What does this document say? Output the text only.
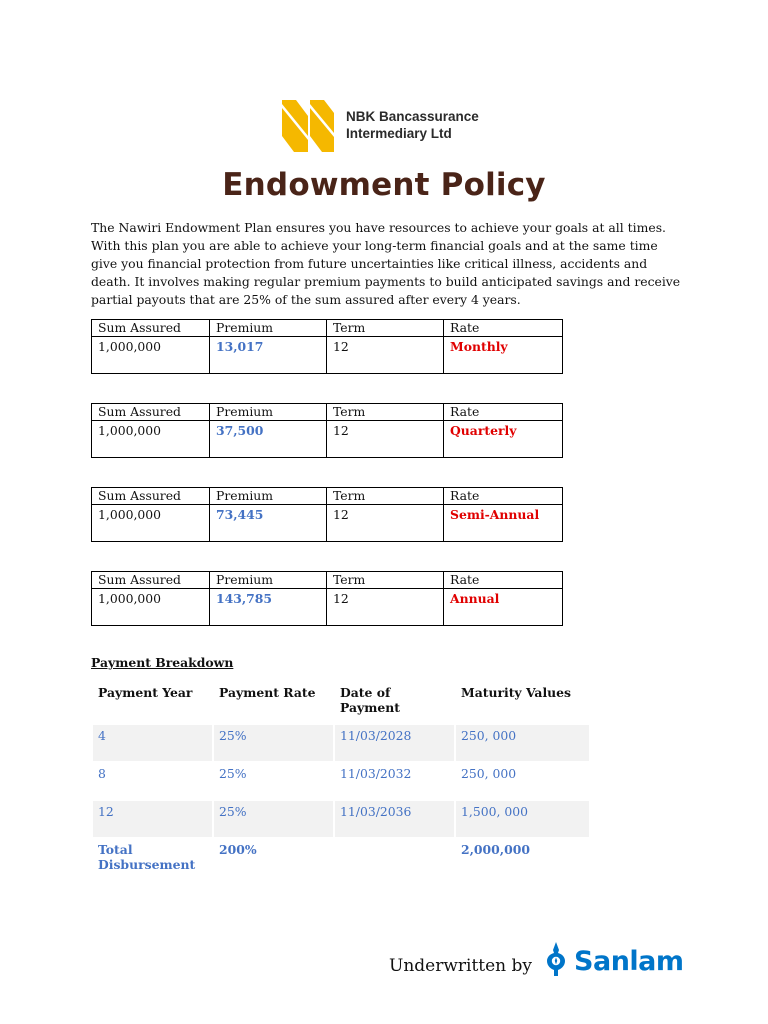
NBK Bancassurance
Intermediary Ltd
Endowment Policy
The Nawiri Endowment Plan ensures you have resources to achieve your goals at all times. With this plan you are able to achieve your long-term financial goals and at the same time give you financial protection from future uncertainties like critical illness, accidents and death. It involves making regular premium payments to build anticipated savings and receive partial payouts that are 25% of the sum assured after every 4 years.
Sum Assured	Premium	Term	Rate
1,000,000	13,017	12	Monthly
Sum Assured	Premium	Term	Rate
1,000,000	37,500	12	Quarterly
Sum Assured	Premium	Term	Rate
1,000,000	73,445	12	Semi-Annual
Sum Assured	Premium	Term	Rate
1,000,000	143,785	12	Annual
Payment Breakdown
Payment Year	Payment Rate	Date of Payment	Maturity Values

4	25%	11/03/2028	250, 000
8	25%	11/03/2032	250, 000
12	25%	11/03/2036	1,500, 000

Total
Disbursement	200%		2,000,000
Underwritten by Sanlam
